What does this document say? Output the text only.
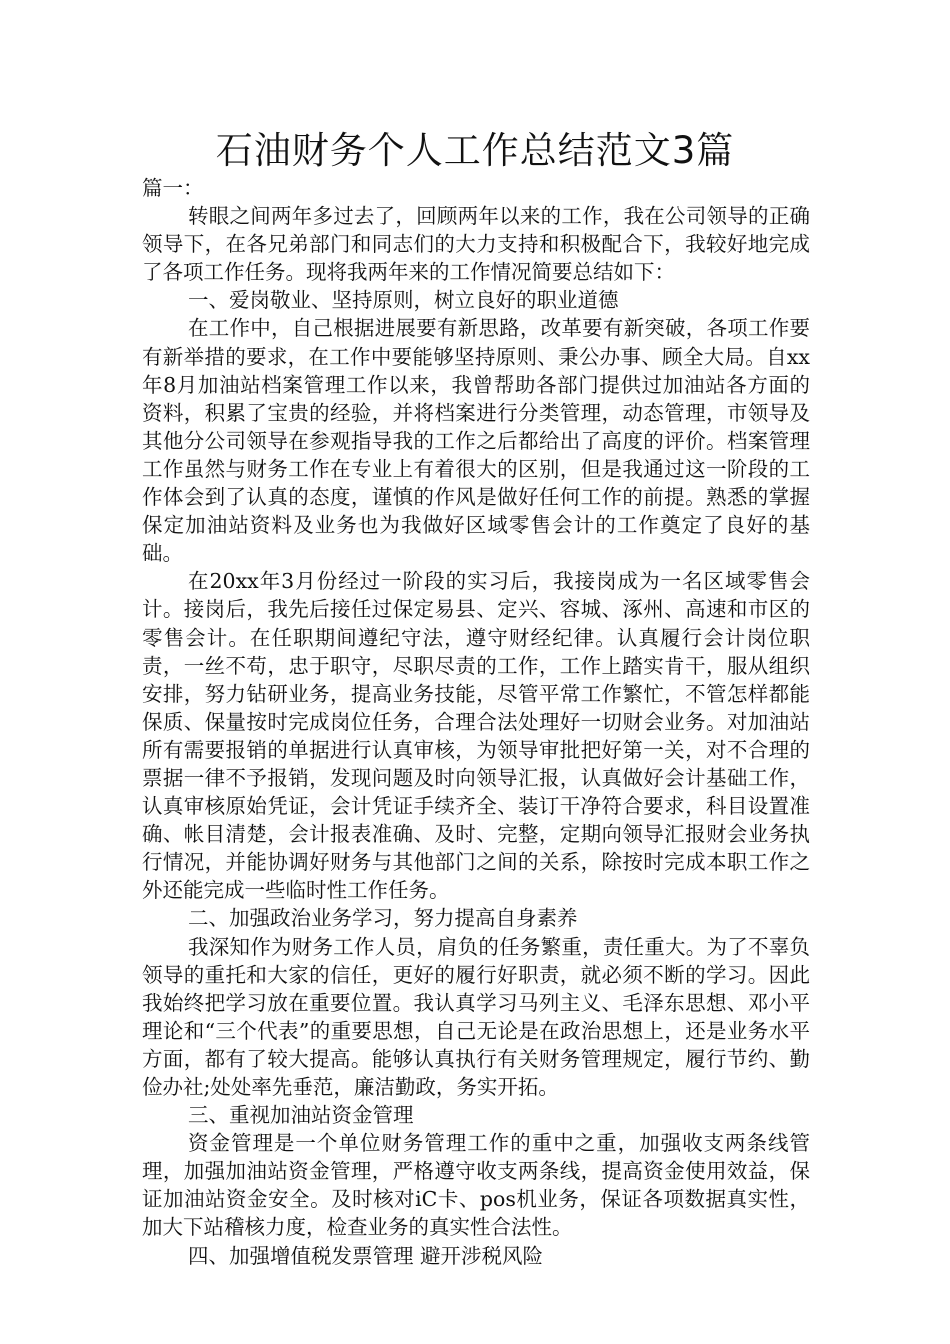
石油财务个人工作总结范文3篇

篇一：

转眼之间两年多过去了，回顾两年以来的工作，我在公司领导的正确领导下，在各兄弟部门和同志们的大力支持和积极配合下，我较好地完成了各项工作任务。现将我两年来的工作情况简要总结如下：

一、爱岗敬业、坚持原则，树立良好的职业道德

在工作中，自己根据进展要有新思路，改革要有新突破，各项工作要有新举措的要求，在工作中要能够坚持原则、秉公办事、顾全大局。自xx年8月加油站档案管理工作以来，我曾帮助各部门提供过加油站各方面的资料，积累了宝贵的经验，并将档案进行分类管理，动态管理，市领导及其他分公司领导在参观指导我的工作之后都给出了高度的评价。档案管理工作虽然与财务工作在专业上有着很大的区别，但是我通过这一阶段的工作体会到了认真的态度，谨慎的作风是做好任何工作的前提。熟悉的掌握保定加油站资料及业务也为我做好区域零售会计的工作奠定了良好的基础。

在20xx年3月份经过一阶段的实习后，我接岗成为一名区域零售会计。接岗后，我先后接任过保定易县、定兴、容城、涿州、高速和市区的零售会计。在任职期间遵纪守法，遵守财经纪律。认真履行会计岗位职责，一丝不苟，忠于职守，尽职尽责的工作，工作上踏实肯干，服从组织安排，努力钻研业务，提高业务技能，尽管平常工作繁忙，不管怎样都能保质、保量按时完成岗位任务，合理合法处理好一切财会业务。对加油站所有需要报销的单据进行认真审核，为领导审批把好第一关，对不合理的票据一律不予报销，发现问题及时向领导汇报，认真做好会计基础工作，认真审核原始凭证，会计凭证手续齐全、装订干净符合要求，科目设置准确、帐目清楚，会计报表准确、及时、完整，定期向领导汇报财会业务执行情况，并能协调好财务与其他部门之间的关系，除按时完成本职工作之外还能完成一些临时性工作任务。

二、加强政治业务学习，努力提高自身素养

我深知作为财务工作人员，肩负的任务繁重，责任重大。为了不辜负领导的重托和大家的信任，更好的履行好职责，就必须不断的学习。因此我始终把学习放在重要位置。我认真学习马列主义、毛泽东思想、邓小平理论和“三个代表”的重要思想，自己无论是在政治思想上，还是业务水平方面，都有了较大提高。能够认真执行有关财务管理规定，履行节约、勤俭办社;处处率先垂范，廉洁勤政，务实开拓。

三、重视加油站资金管理

资金管理是一个单位财务管理工作的重中之重，加强收支两条线管理，加强加油站资金管理，严格遵守收支两条线，提高资金使用效益，保证加油站资金安全。及时核对iC卡、pos机业务，保证各项数据真实性，加大下站稽核力度，检查业务的真实性合法性。

四、加强增值税发票管理 避开涉税风险
